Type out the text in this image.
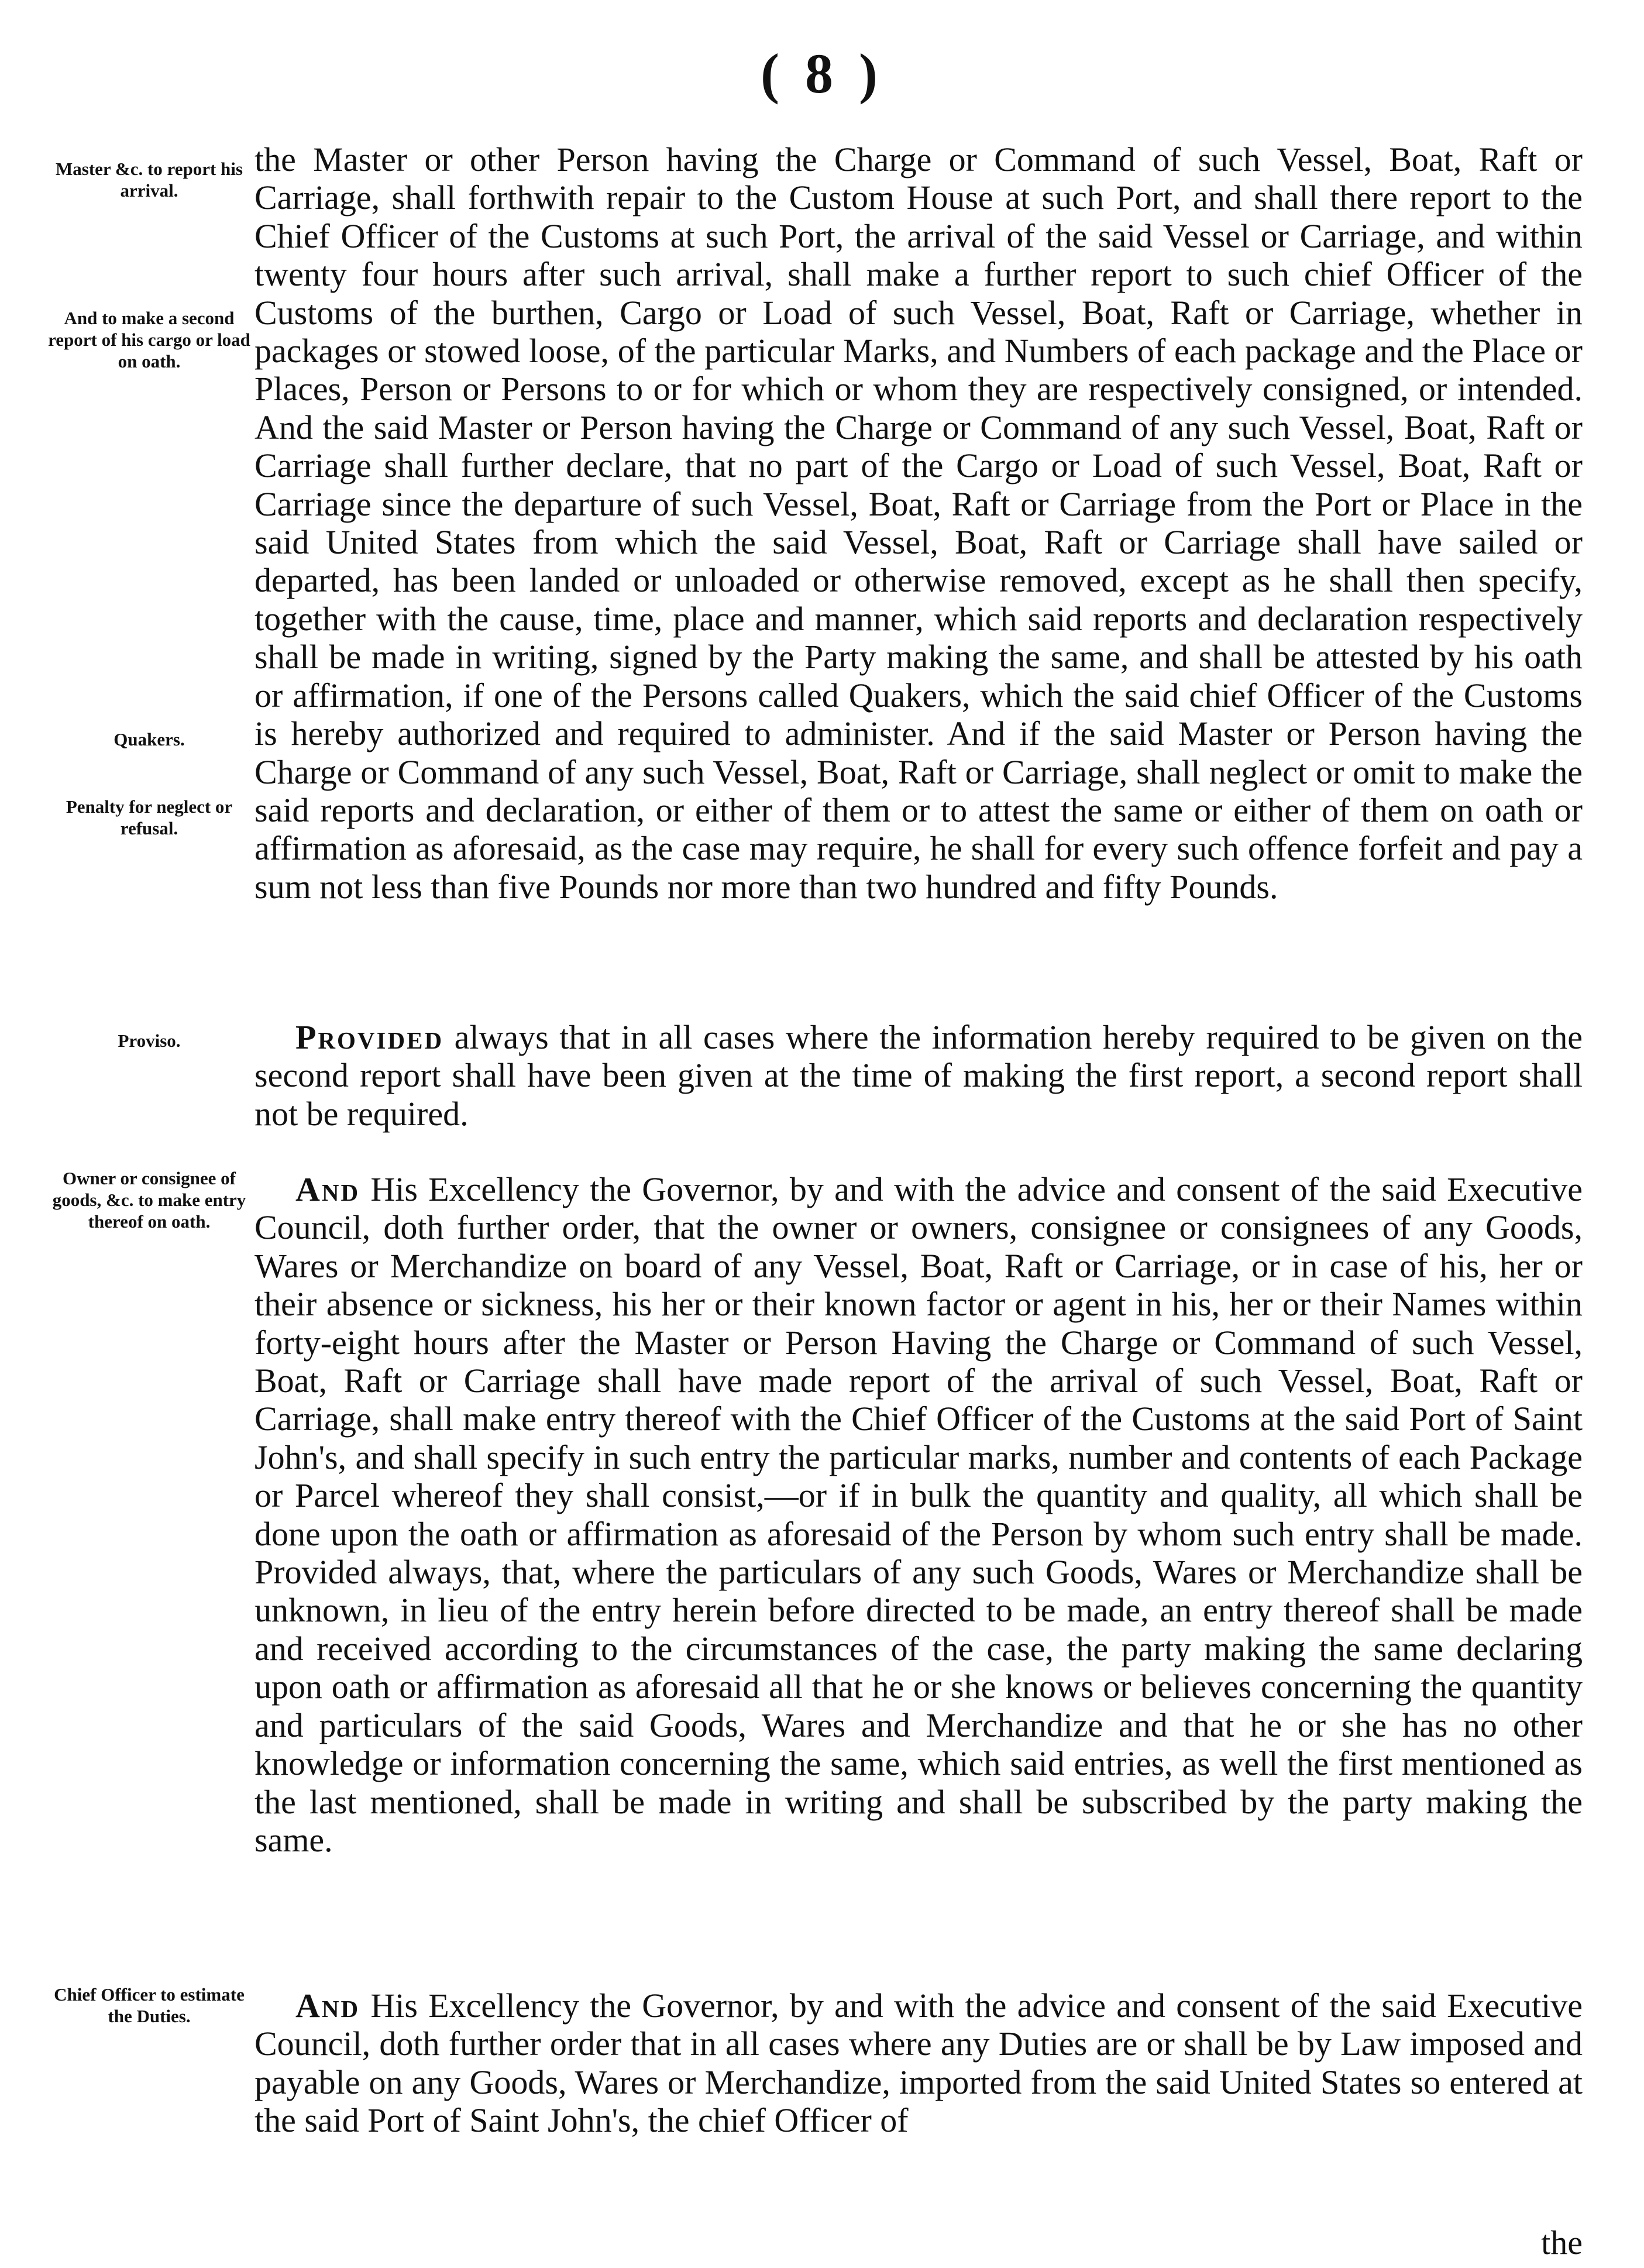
( 8 )
Master &c. to report his arrival.
And to make a second report of his cargo or load on oath.
Quakers.
Penalty for neglect or refusal.
Proviso.
Owner or consignee of goods, &c. to make entry thereof on oath.
Chief Officer to estimate the Duties.
the Master or other Person having the Charge or Command of such Vessel, Boat, Raft or Carriage, shall forthwith repair to the Custom House at such Port, and shall there report to the Chief Officer of the Customs at such Port, the arrival of the said Vessel or Carriage, and within twenty four hours after such arrival, shall make a further report to such chief Officer of the Customs of the burthen, Cargo or Load of such Vessel, Boat, Raft or Carriage, whether in packages or stowed loose, of the particular Marks, and Numbers of each package and the Place or Places, Person or Persons to or for which or whom they are respectively consigned, or intended. And the said Master or Person having the Charge or Command of any such Vessel, Boat, Raft or Carriage shall further declare, that no part of the Cargo or Load of such Vessel, Boat, Raft or Carriage since the departure of such Vessel, Boat, Raft or Carriage from the Port or Place in the said United States from which the said Vessel, Boat, Raft or Carriage shall have sailed or departed, has been landed or unloaded or otherwise removed, except as he shall then specify, together with the cause, time, place and manner, which said reports and declaration respectively shall be made in writing, signed by the Party making the same, and shall be attested by his oath or affirmation, if one of the Persons called Quakers, which the said chief Officer of the Customs is hereby authorized and required to administer. And if the said Master or Person having the Charge or Command of any such Vessel, Boat, Raft or Carriage, shall neglect or omit to make the said reports and declaration, or either of them or to attest the same or either of them on oath or affirmation as aforesaid, as the case may require, he shall for every such offence forfeit and pay a sum not less than five Pounds nor more than two hundred and fifty Pounds.
Provided always that in all cases where the information hereby required to be given on the second report shall have been given at the time of making the first report, a second report shall not be required.
And His Excellency the Governor, by and with the advice and consent of the said Executive Council, doth further order, that the owner or owners, consignee or consignees of any Goods, Wares or Merchandize on board of any Vessel, Boat, Raft or Carriage, or in case of his, her or their absence or sickness, his her or their known factor or agent in his, her or their Names within forty-eight hours after the Master or Person Having the Charge or Command of such Vessel, Boat, Raft or Carriage shall have made report of the arrival of such Vessel, Boat, Raft or Carriage, shall make entry thereof with the Chief Officer of the Customs at the said Port of Saint John's, and shall specify in such entry the particular marks, number and contents of each Package or Parcel whereof they shall consist,—or if in bulk the quantity and quality, all which shall be done upon the oath or affirmation as aforesaid of the Person by whom such entry shall be made. Provided always, that, where the particulars of any such Goods, Wares or Merchandize shall be unknown, in lieu of the entry herein before directed to be made, an entry thereof shall be made and received according to the circumstances of the case, the party making the same declaring upon oath or affirmation as aforesaid all that he or she knows or believes concerning the quantity and particulars of the said Goods, Wares and Merchandize and that he or she has no other knowledge or information concerning the same, which said entries, as well the first mentioned as the last mentioned, shall be made in writing and shall be subscribed by the party making the same.
And His Excellency the Governor, by and with the advice and consent of the said Executive Council, doth further order that in all cases where any Duties are or shall be by Law imposed and payable on any Goods, Wares or Merchandize, imported from the said United States so entered at the said Port of Saint John's, the chief Officer of
the
